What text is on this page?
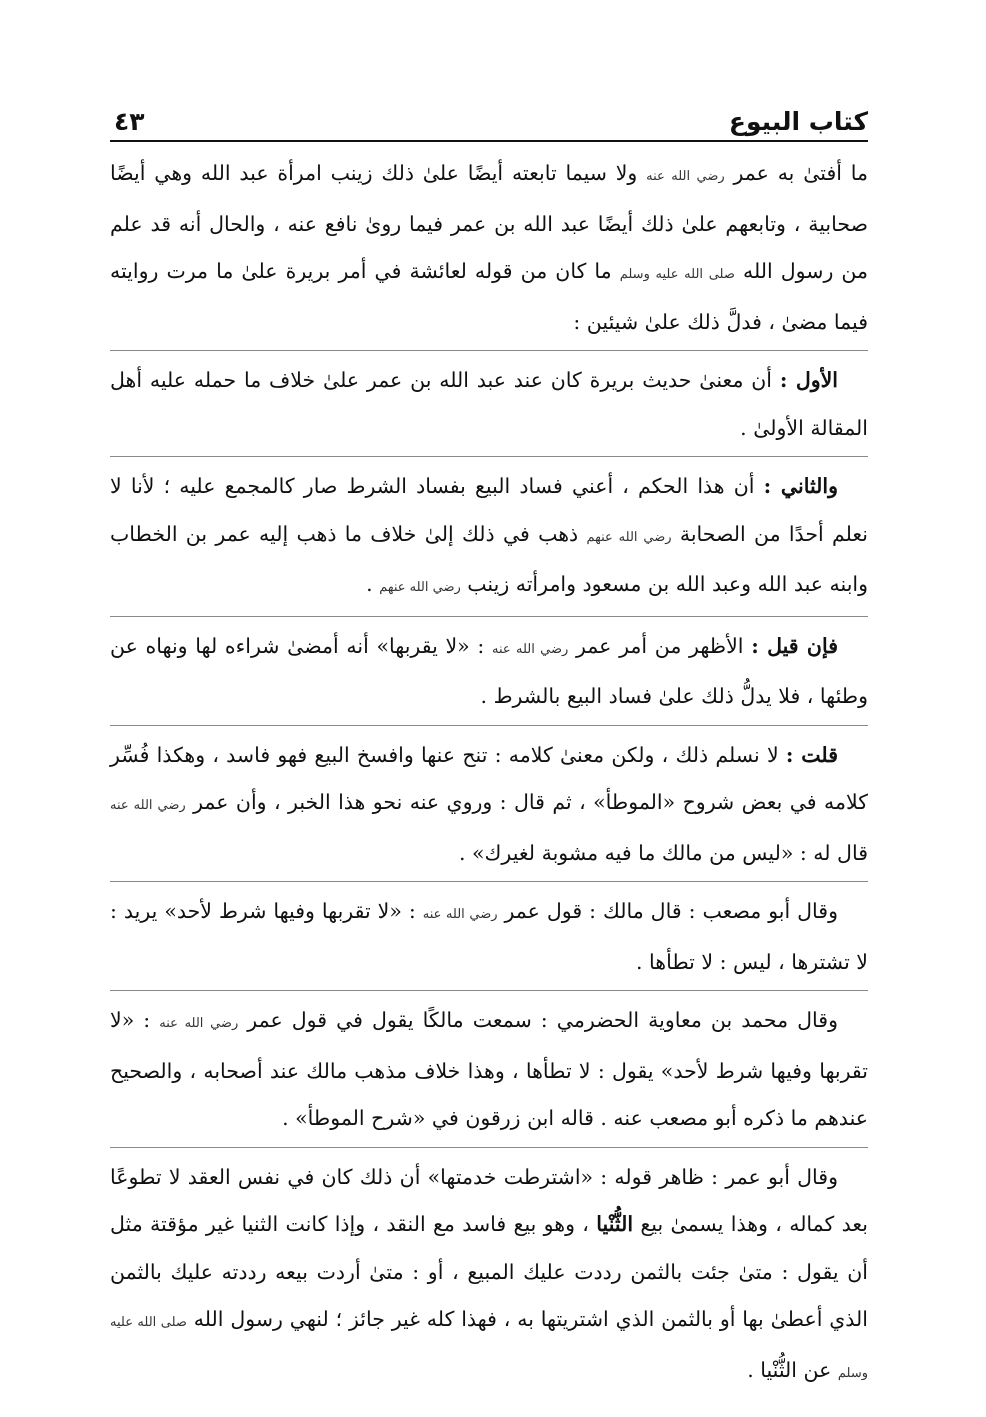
كتاب البيوع
٤٣

ما أفتىٰ به عمر رضي الله عنه ولا سيما تابعته أيضًا علىٰ ذلك زينب امرأة عبد الله وهي أيضًا صحابية ، وتابعهم علىٰ ذلك أيضًا عبد الله بن عمر فيما روىٰ نافع عنه ، والحال أنه قد علم من رسول الله صلى الله عليه وسلم ما كان من قوله لعائشة في أمر بريرة علىٰ ما مرت روايته فيما مضىٰ ، فدلَّ ذلك علىٰ شيئين :

الأول : أن معنىٰ حديث بريرة كان عند عبد الله بن عمر علىٰ خلاف ما حمله عليه أهل المقالة الأولىٰ .

والثاني : أن هذا الحكم ، أعني فساد البيع بفساد الشرط صار كالمجمع عليه ؛ لأنا لا نعلم أحدًا من الصحابة رضي الله عنهم ذهب في ذلك إلىٰ خلاف ما ذهب إليه عمر بن الخطاب وابنه عبد الله وعبد الله بن مسعود وامرأته زينب رضي الله عنهم .

فإن قيل : الأظهر من أمر عمر رضي الله عنه : «لا يقربها» أنه أمضىٰ شراءه لها ونهاه عن وطئها ، فلا يدلُّ ذلك علىٰ فساد البيع بالشرط .

قلت : لا نسلم ذلك ، ولكن معنىٰ كلامه : تنح عنها وافسخ البيع فهو فاسد ، وهكذا فُسِّر كلامه في بعض شروح «الموطأ» ، ثم قال : وروي عنه نحو هذا الخبر ، وأن عمر رضي الله عنه قال له : «ليس من مالك ما فيه مشوبة لغيرك» .

وقال أبو مصعب : قال مالك : قول عمر رضي الله عنه : «لا تقربها وفيها شرط لأحد» يريد : لا تشترها ، ليس : لا تطأها .

وقال محمد بن معاوية الحضرمي : سمعت مالكًا يقول في قول عمر رضي الله عنه : «لا تقربها وفيها شرط لأحد» يقول : لا تطأها ، وهذا خلاف مذهب مالك عند أصحابه ، والصحيح عندهم ما ذكره أبو مصعب عنه . قاله ابن زرقون في «شرح الموطأ» .

وقال أبو عمر : ظاهر قوله : «اشترطت خدمتها» أن ذلك كان في نفس العقد لا تطوعًا بعد كماله ، وهذا يسمىٰ بيع الثُّنْيا ، وهو بيع فاسد مع النقد ، وإذا كانت الثنيا غير مؤقتة مثل أن يقول : متىٰ جئت بالثمن رددت عليك المبيع ، أو : متىٰ أردت بيعه رددته عليك بالثمن الذي أعطىٰ بها أو بالثمن الذي اشتريتها به ، فهذا كله غير جائز ؛ لنهي رسول الله صلى الله عليه وسلم عن الثُّنْيا .
